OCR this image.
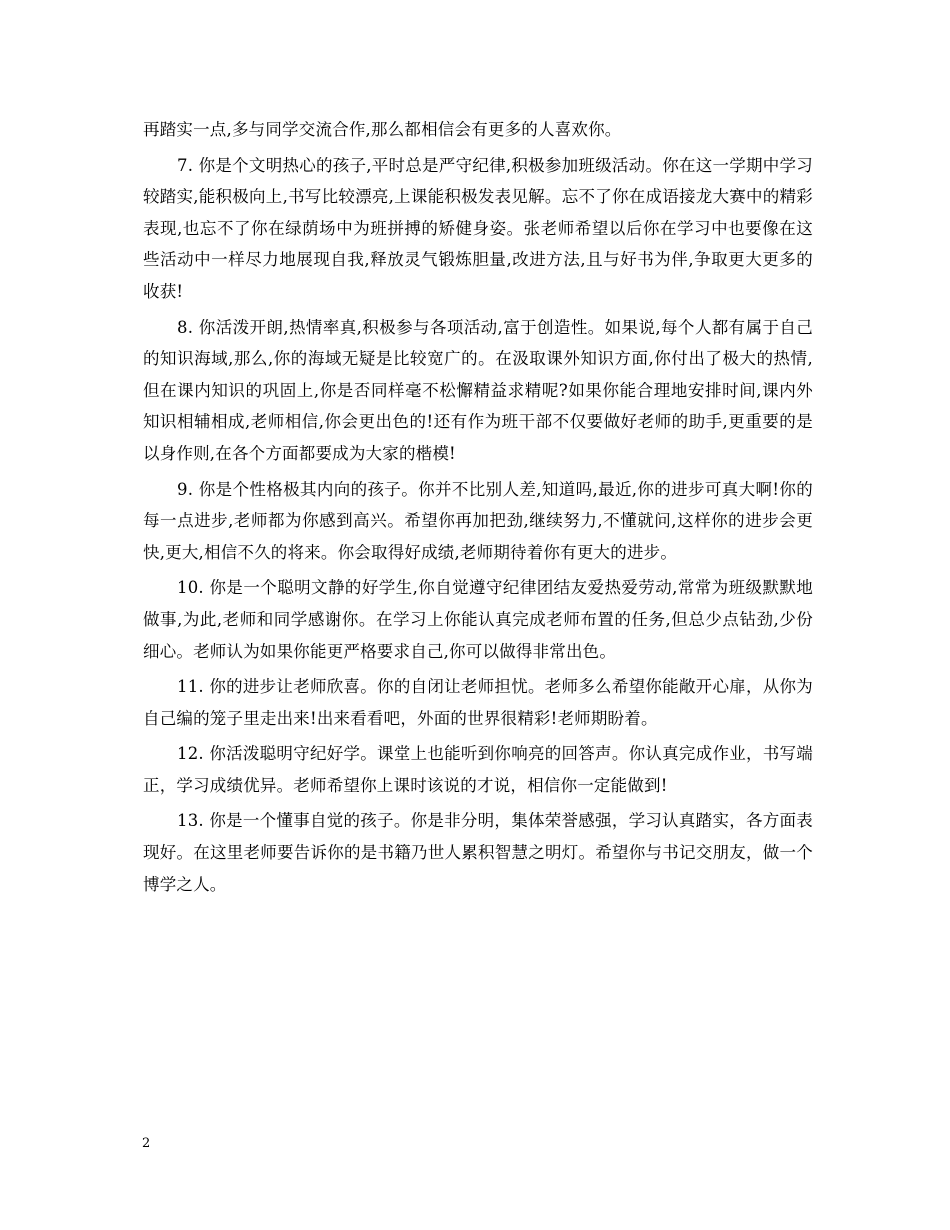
再踏实一点,多与同学交流合作,那么都相信会有更多的人喜欢你。

7. 你是个文明热心的孩子,平时总是严守纪律,积极参加班级活动。你在这一学期中学习较踏实,能积极向上,书写比较漂亮,上课能积极发表见解。忘不了你在成语接龙大赛中的精彩表现,也忘不了你在绿荫场中为班拼搏的矫健身姿。张老师希望以后你在学习中也要像在这些活动中一样尽力地展现自我,释放灵气锻炼胆量,改进方法,且与好书为伴,争取更大更多的收获!

8. 你活泼开朗,热情率真,积极参与各项活动,富于创造性。如果说,每个人都有属于自己的知识海域,那么,你的海域无疑是比较宽广的。在汲取课外知识方面,你付出了极大的热情,但在课内知识的巩固上,你是否同样毫不松懈精益求精呢?如果你能合理地安排时间,课内外知识相辅相成,老师相信,你会更出色的!还有作为班干部不仅要做好老师的助手,更重要的是以身作则,在各个方面都要成为大家的楷模!

9. 你是个性格极其内向的孩子。你并不比别人差,知道吗,最近,你的进步可真大啊!你的每一点进步,老师都为你感到高兴。希望你再加把劲,继续努力,不懂就问,这样你的进步会更快,更大,相信不久的将来。你会取得好成绩,老师期待着你有更大的进步。

10. 你是一个聪明文静的好学生,你自觉遵守纪律团结友爱热爱劳动,常常为班级默默地做事,为此,老师和同学感谢你。在学习上你能认真完成老师布置的任务,但总少点钻劲,少份细心。老师认为如果你能更严格要求自己,你可以做得非常出色。

11. 你的进步让老师欣喜。你的自闭让老师担忧。老师多么希望你能敞开心扉，从你为自己编的笼子里走出来!出来看看吧，外面的世界很精彩!老师期盼着。

12. 你活泼聪明守纪好学。课堂上也能听到你响亮的回答声。你认真完成作业，书写端正，学习成绩优异。老师希望你上课时该说的才说，相信你一定能做到!

13. 你是一个懂事自觉的孩子。你是非分明，集体荣誉感强，学习认真踏实，各方面表现好。在这里老师要告诉你的是书籍乃世人累积智慧之明灯。希望你与书记交朋友，做一个博学之人。

2
